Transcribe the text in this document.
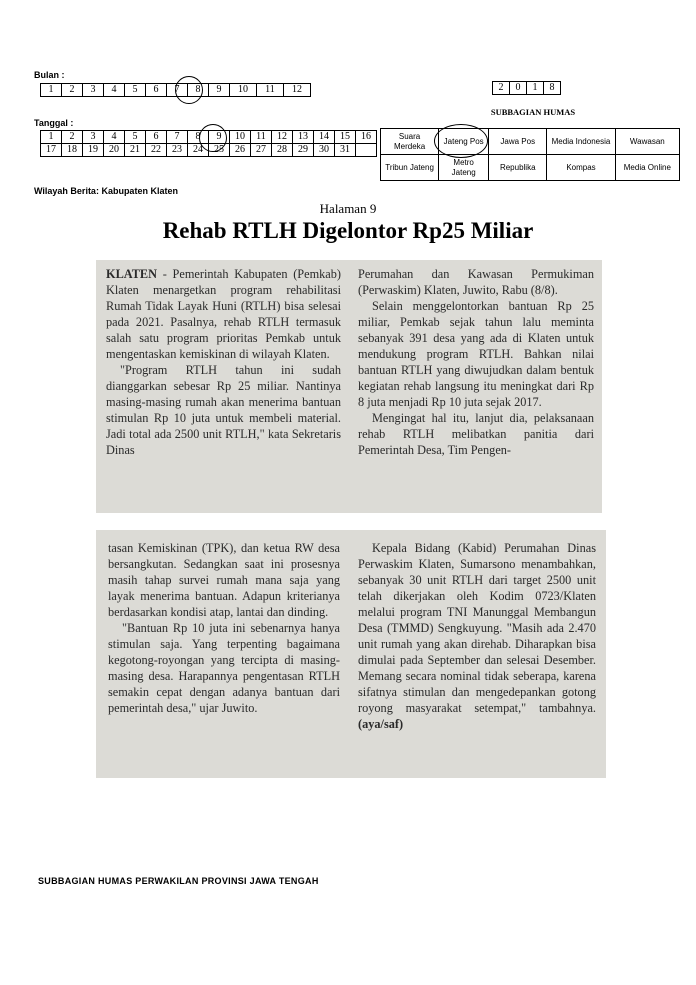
Bulan :
1	2	3	4	5	6	7	8	9	10	11	12	2	0	1	8
SUBBAGIAN HUMAS
Tanggal :
1	2	3	4	5	6	7	8	9	10	11	12	13	14	15	16
17	18	19	20	21	22	23	24	25	26	27	28	29	30	31	
Suara Merdeka	Jateng Pos	Jawa Pos	Media Indonesia	Wawasan
Tribun Jateng	Metro Jateng	Republika	Kompas	Media Online
Wilayah Berita: Kabupaten Klaten
Halaman 9
Rehab RTLH Digelontor Rp25 Miliar

KLATEN - Pemerintah Kabupaten (Pemkab) Klaten menargetkan program rehabilitasi Rumah Tidak Layak Huni (RTLH) bisa selesai pada 2021. Pasalnya, rehab RTLH termasuk salah satu program prioritas Pemkab untuk mengentaskan kemiskinan di wilayah Klaten.

"Program RTLH tahun ini sudah dianggarkan sebesar Rp 25 miliar. Nantinya masing-masing rumah akan menerima bantuan stimulan Rp 10 juta untuk membeli material. Jadi total ada 2500 unit RTLH," kata Sekretaris Dinas

Perumahan dan Kawasan Permukiman (Perwaskim) Klaten, Juwito, Rabu (8/8).

Selain menggelontorkan bantuan Rp 25 miliar, Pemkab sejak tahun lalu meminta sebanyak 391 desa yang ada di Klaten untuk mendukung program RTLH. Bahkan nilai bantuan RTLH yang diwujudkan dalam bentuk kegiatan rehab langsung itu meningkat dari Rp 8 juta menjadi Rp 10 juta sejak 2017.

Mengingat hal itu, lanjut dia, pelaksanaan rehab RTLH melibatkan panitia dari Pemerintah Desa, Tim Pengen-

tasan Kemiskinan (TPK), dan ketua RW desa bersangkutan. Sedangkan saat ini prosesnya masih tahap survei rumah mana saja yang layak menerima bantuan. Adapun kriterianya berdasarkan kondisi atap, lantai dan dinding.

"Bantuan Rp 10 juta ini sebenarnya hanya stimulan saja. Yang terpenting bagaimana kegotong-royongan yang tercipta di masing-masing desa. Harapannya pengentasan RTLH semakin cepat dengan adanya bantuan dari pemerintah desa," ujar Juwito.

Kepala Bidang (Kabid) Perumahan Dinas Perwaskim Klaten, Sumarsono menambahkan, sebanyak 30 unit RTLH dari target 2500 unit telah dikerjakan oleh Kodim 0723/Klaten melalui program TNI Manunggal Membangun Desa (TMMD) Sengkuyung. "Masih ada 2.470 unit rumah yang akan direhab. Diharapkan bisa dimulai pada September dan selesai Desember. Memang secara nominal tidak seberapa, karena sifatnya stimulan dan mengedepankan gotong royong masyarakat setempat," tambahnya. (aya/saf)

SUBBAGIAN HUMAS PERWAKILAN PROVINSI JAWA TENGAH
